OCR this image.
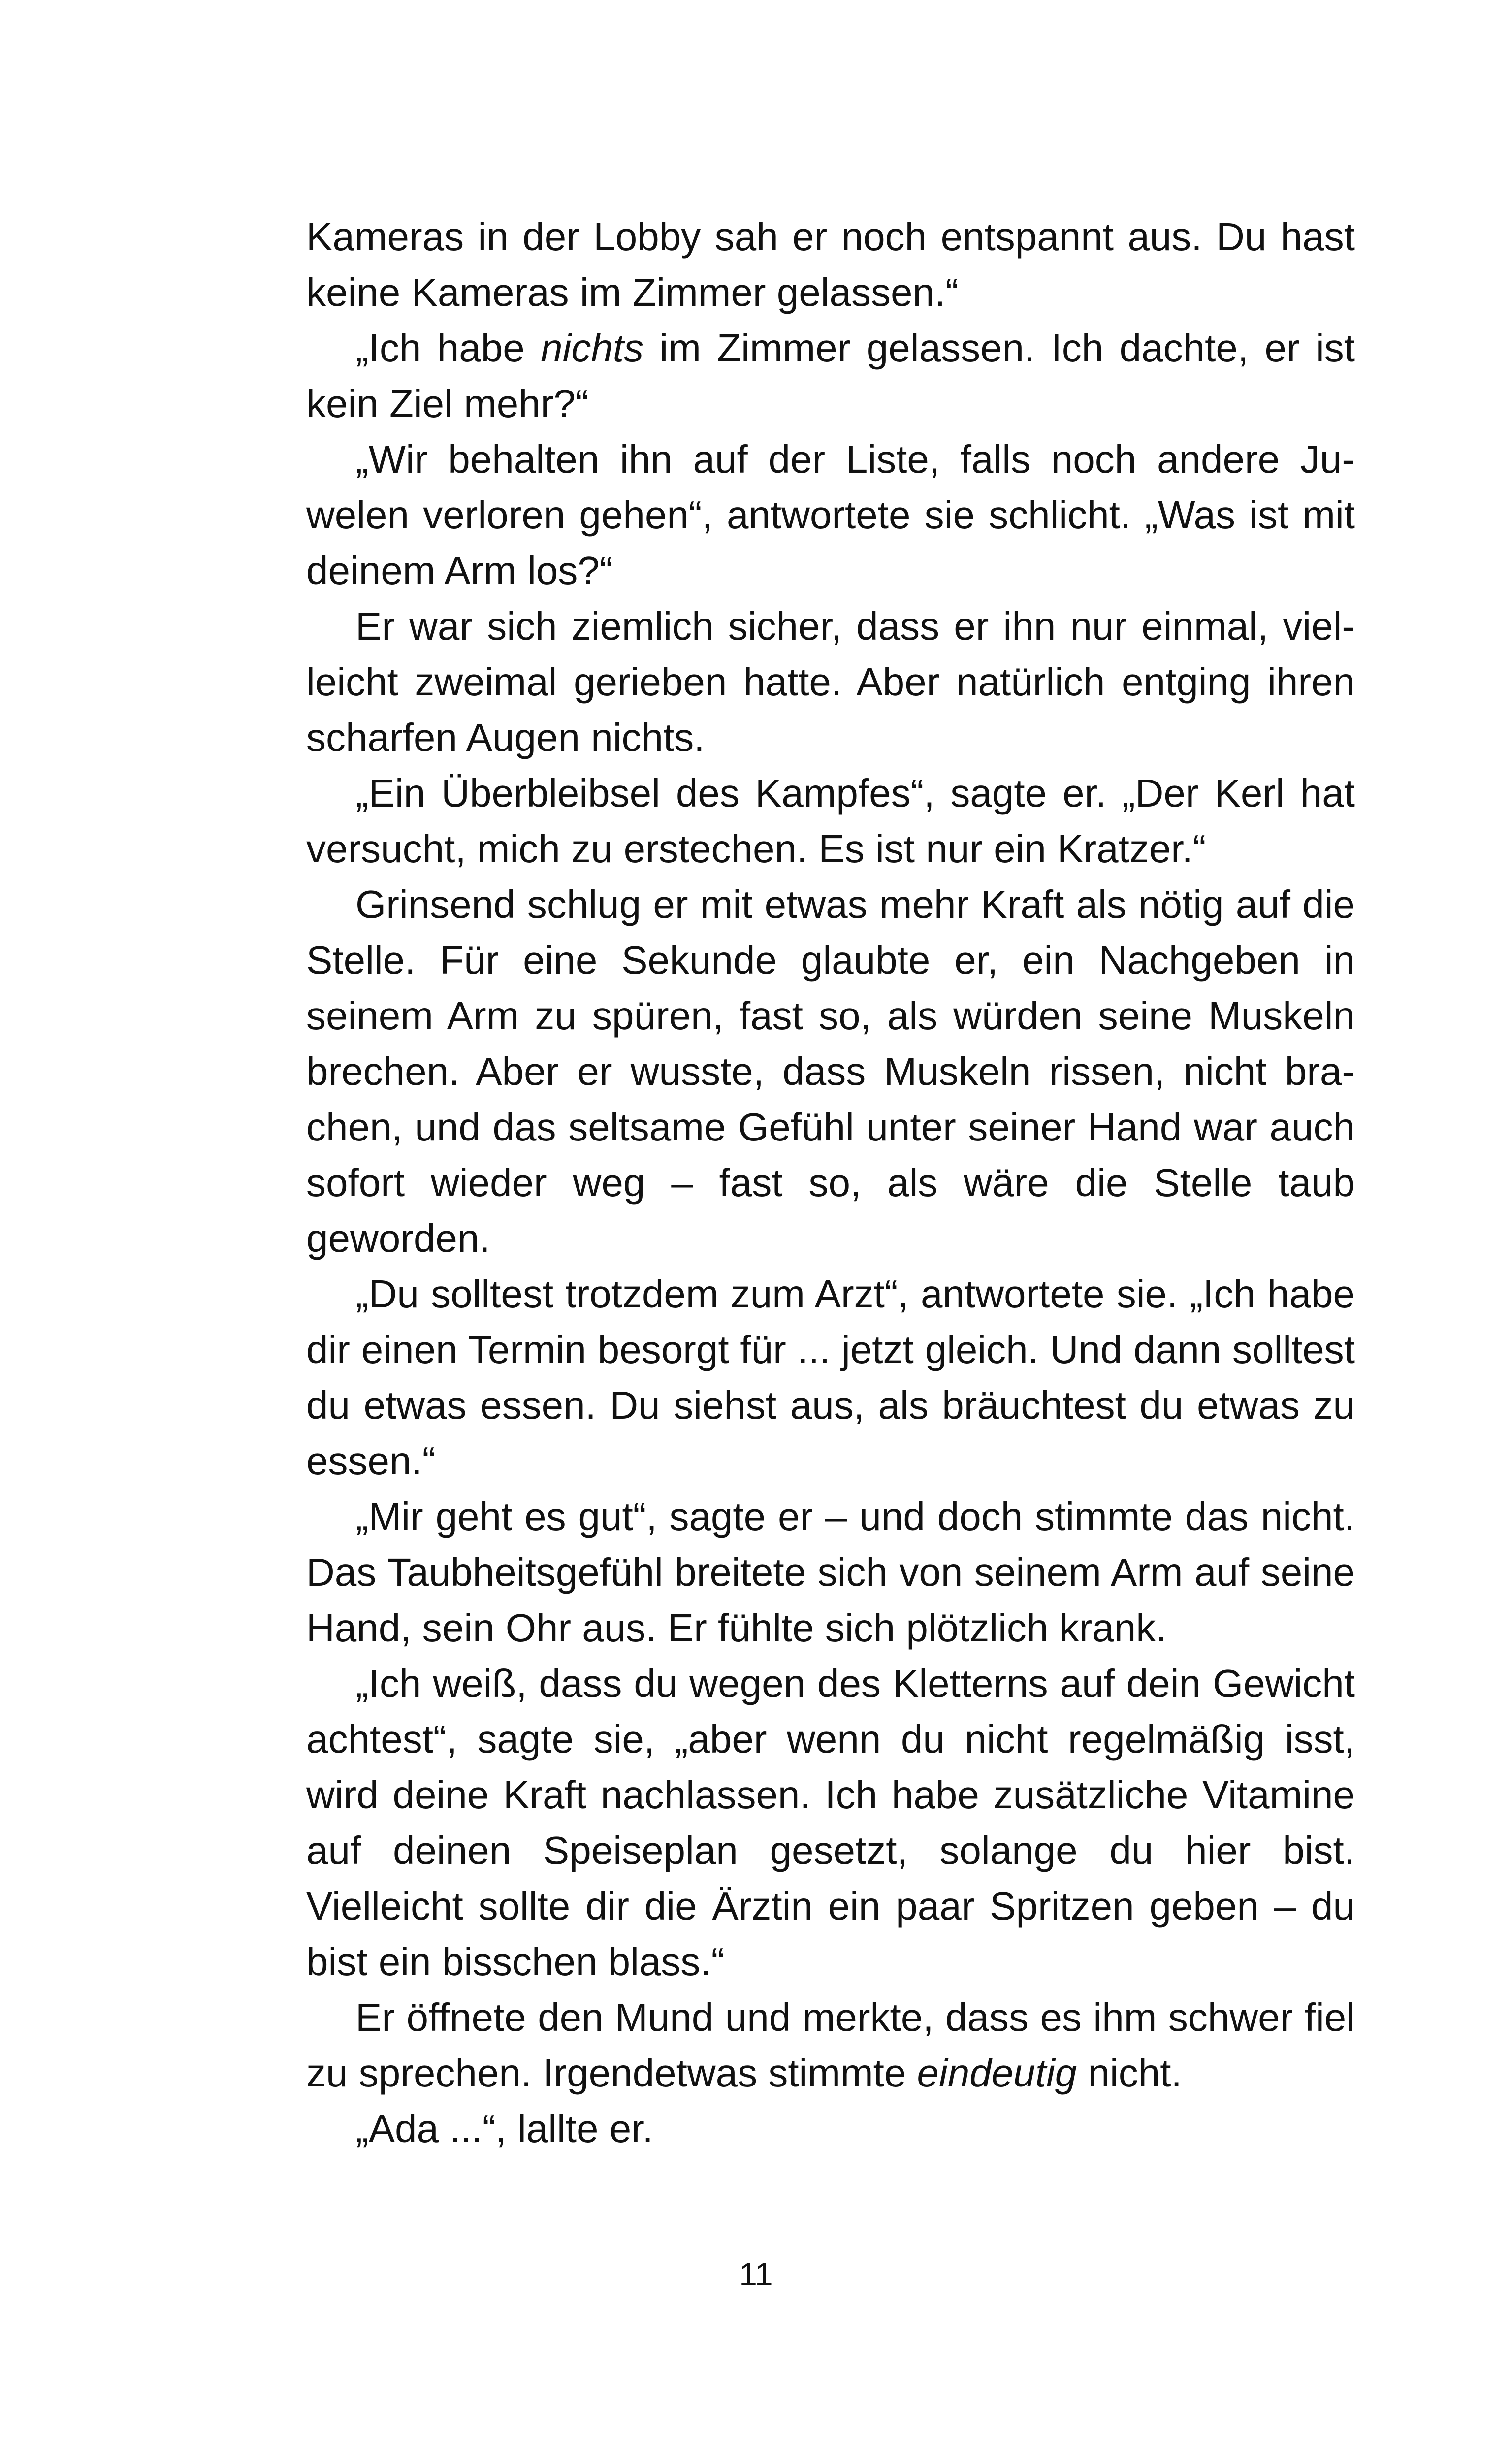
Kameras in der Lobby sah er noch entspannt aus. Du hast keine Kameras im Zimmer gelassen.“

„Ich habe nichts im Zimmer gelassen. Ich dachte, er ist kein Ziel mehr?“

„Wir behalten ihn auf der Liste, falls noch andere Juwelen verloren gehen“, antwortete sie schlicht. „Was ist mit deinem Arm los?“

Er war sich ziemlich sicher, dass er ihn nur einmal, vielleicht zweimal gerieben hatte. Aber natürlich entging ihren scharfen Augen nichts.

„Ein Überbleibsel des Kampfes“, sagte er. „Der Kerl hat versucht, mich zu erstechen. Es ist nur ein Kratzer.“

Grinsend schlug er mit etwas mehr Kraft als nötig auf die Stelle. Für eine Sekunde glaubte er, ein Nachgeben in seinem Arm zu spüren, fast so, als würden seine Muskeln brechen. Aber er wusste, dass Muskeln rissen, nicht brachen, und das seltsame Gefühl unter seiner Hand war auch sofort wieder weg – fast so, als wäre die Stelle taub geworden.

„Du solltest trotzdem zum Arzt“, antwortete sie. „Ich habe dir einen Termin besorgt für ... jetzt gleich. Und dann solltest du etwas essen. Du siehst aus, als bräuchtest du etwas zu essen.“

„Mir geht es gut“, sagte er – und doch stimmte das nicht. Das Taubheitsgefühl breitete sich von seinem Arm auf seine Hand, sein Ohr aus. Er fühlte sich plötzlich krank.

„Ich weiß, dass du wegen des Kletterns auf dein Gewicht achtest“, sagte sie, „aber wenn du nicht regelmäßig isst, wird deine Kraft nachlassen. Ich habe zusätzliche Vitamine auf deinen Speiseplan gesetzt, solange du hier bist. Vielleicht sollte dir die Ärztin ein paar Spritzen geben – du bist ein bisschen blass.“

Er öffnete den Mund und merkte, dass es ihm schwer fiel zu sprechen. Irgendetwas stimmte eindeutig nicht.

„Ada ...“, lallte er.

11
